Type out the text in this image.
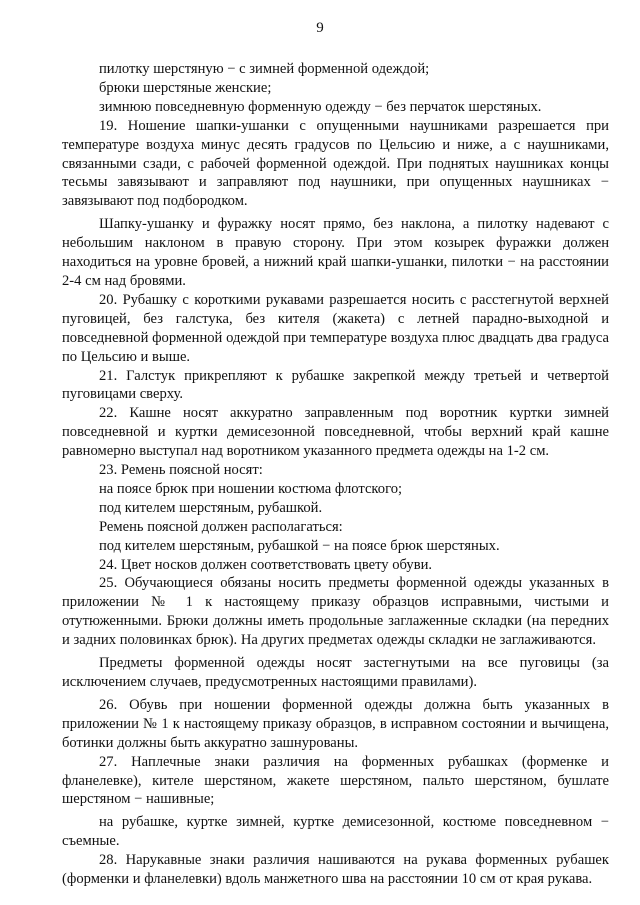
9

пилотку шерстяную − с зимней форменной одеждой;

брюки шерстяные женские;

зимнюю повседневную форменную одежду − без перчаток шерстяных.

19. Ношение шапки-ушанки с опущенными наушниками разрешается при температуре воздуха минус десять градусов по Цельсию и ниже, а с наушниками, связанными сзади, с рабочей форменной одеждой. При поднятых наушниках концы тесьмы завязывают и заправляют под наушники, при опущенных наушниках − завязывают под подбородком.

Шапку-ушанку и фуражку носят прямо, без наклона, а пилотку надевают с небольшим наклоном в правую сторону. При этом козырек фуражки должен находиться на уровне бровей, а нижний край шапки-ушанки, пилотки − на расстоянии 2-4 см над бровями.

20. Рубашку с короткими рукавами разрешается носить с расстегнутой верхней пуговицей, без галстука, без кителя (жакета) с летней парадно-выходной и повседневной форменной одеждой при температуре воздуха плюс двадцать два градуса по Цельсию и выше.

21. Галстук прикрепляют к рубашке закрепкой между третьей и четвертой пуговицами сверху.

22. Кашне носят аккуратно заправленным под воротник куртки зимней повседневной и куртки демисезонной повседневной, чтобы верхний край кашне равномерно выступал над воротником указанного предмета одежды на 1-2 см.

23. Ремень поясной носят:

на поясе брюк при ношении костюма флотского;

под кителем шерстяным, рубашкой.

Ремень поясной должен располагаться:

под кителем шерстяным, рубашкой − на поясе брюк шерстяных.

24. Цвет носков должен соответствовать цвету обуви.

25. Обучающиеся обязаны носить предметы форменной одежды указанных в приложении № 1 к настоящему приказу образцов исправными, чистыми и отутюженными. Брюки должны иметь продольные заглаженные складки (на передних и задних половинках брюк). На других предметах одежды складки не заглаживаются.

Предметы форменной одежды носят застегнутыми на все пуговицы (за исключением случаев, предусмотренных настоящими правилами).

26. Обувь при ношении форменной одежды должна быть указанных в приложении № 1 к настоящему приказу образцов, в исправном состоянии и вычищена, ботинки должны быть аккуратно зашнурованы.

27. Наплечные знаки различия на форменных рубашках (форменке и фланелевке), кителе шерстяном, жакете шерстяном, пальто шерстяном, бушлате шерстяном − нашивные;

на рубашке, куртке зимней, куртке демисезонной, костюме повседневном − съемные.

28. Нарукавные знаки различия нашиваются на рукава форменных рубашек (форменки и фланелевки) вдоль манжетного шва на расстоянии 10 см от края рукава.
